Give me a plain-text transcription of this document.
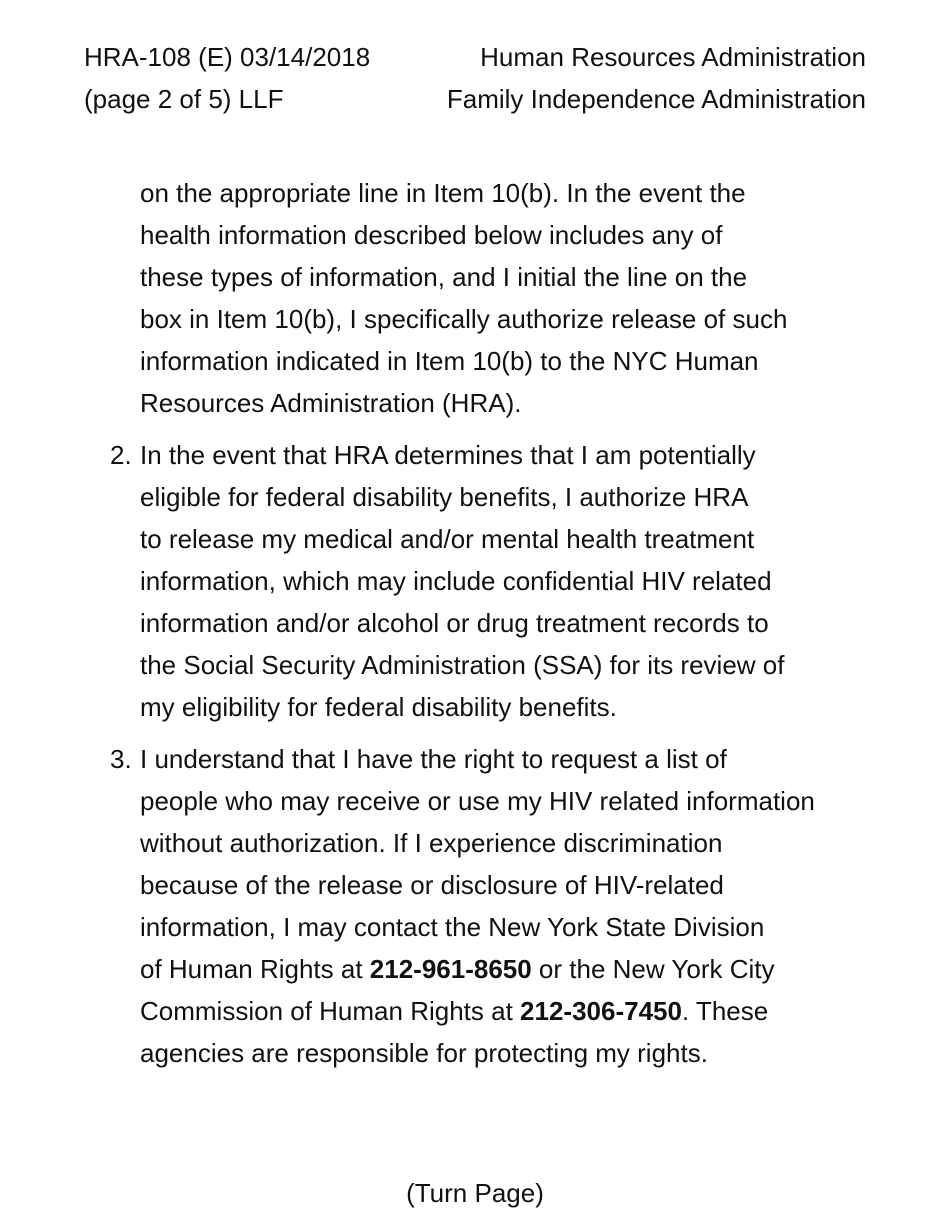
HRA-108 (E) 03/14/2018	Human Resources Administration
(page 2 of 5) LLF	Family Independence Administration
on the appropriate line in Item 10(b). In the event the
health information described below includes any of
these types of information, and I initial the line on the
box in Item 10(b), I specifically authorize release of such
information indicated in Item 10(b) to the NYC Human
Resources Administration (HRA).
2. In the event that HRA determines that I am potentially
eligible for federal disability benefits, I authorize HRA
to release my medical and/or mental health treatment
information, which may include confidential HIV related
information and/or alcohol or drug treatment records to
the Social Security Administration (SSA) for its review of
my eligibility for federal disability benefits.
3. I understand that I have the right to request a list of
people who may receive or use my HIV related information
without authorization. If I experience discrimination
because of the release or disclosure of HIV-related
information, I may contact the New York State Division
of Human Rights at 212-961-8650 or the New York City
Commission of Human Rights at 212-306-7450. These
agencies are responsible for protecting my rights.
(Turn Page)
